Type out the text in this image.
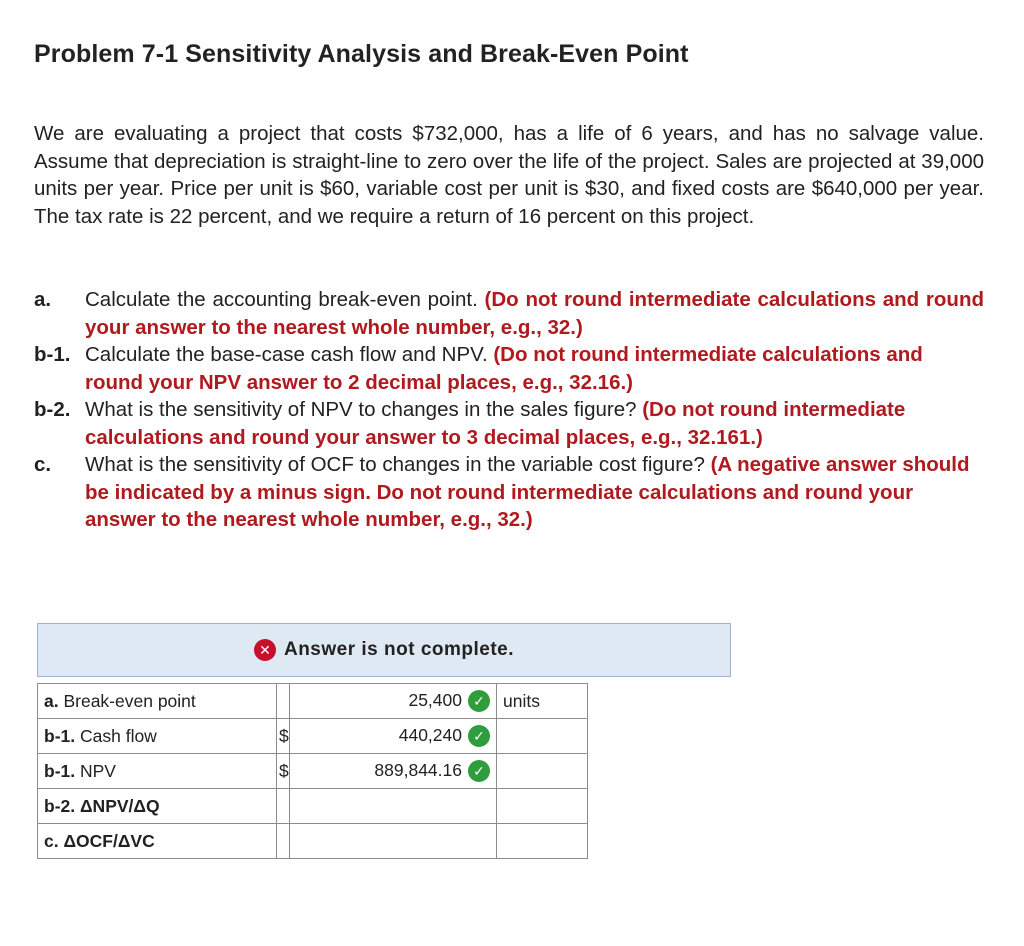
Problem 7-1 Sensitivity Analysis and Break-Even Point
We are evaluating a project that costs $732,000, has a life of 6 years, and has no salvage value. Assume that depreciation is straight-line to zero over the life of the project. Sales are projected at 39,000 units per year. Price per unit is $60, variable cost per unit is $30, and fixed costs are $640,000 per year. The tax rate is 22 percent, and we require a return of 16 percent on this project.
a.	Calculate the accounting break-even point. (Do not round intermediate calculations and round your answer to the nearest whole number, e.g., 32.)
b-1. Calculate the base-case cash flow and NPV. (Do not round intermediate calculations and round your NPV answer to 2 decimal places, e.g., 32.16.)
b-2. What is the sensitivity of NPV to changes in the sales figure? (Do not round intermediate calculations and round your answer to 3 decimal places, e.g., 32.161.)
c.	What is the sensitivity of OCF to changes in the variable cost figure? (A negative answer should be indicated by a minus sign. Do not round intermediate calculations and round your answer to the nearest whole number, e.g., 32.)
✕ Answer is not complete.
a. Break-even point		25,400 ✓	units
b-1. Cash flow	$	440,240 ✓	
b-1. NPV	$	889,844.16 ✓	
b-2. ΔNPV/ΔQ			
c. ΔOCF/ΔVC			
